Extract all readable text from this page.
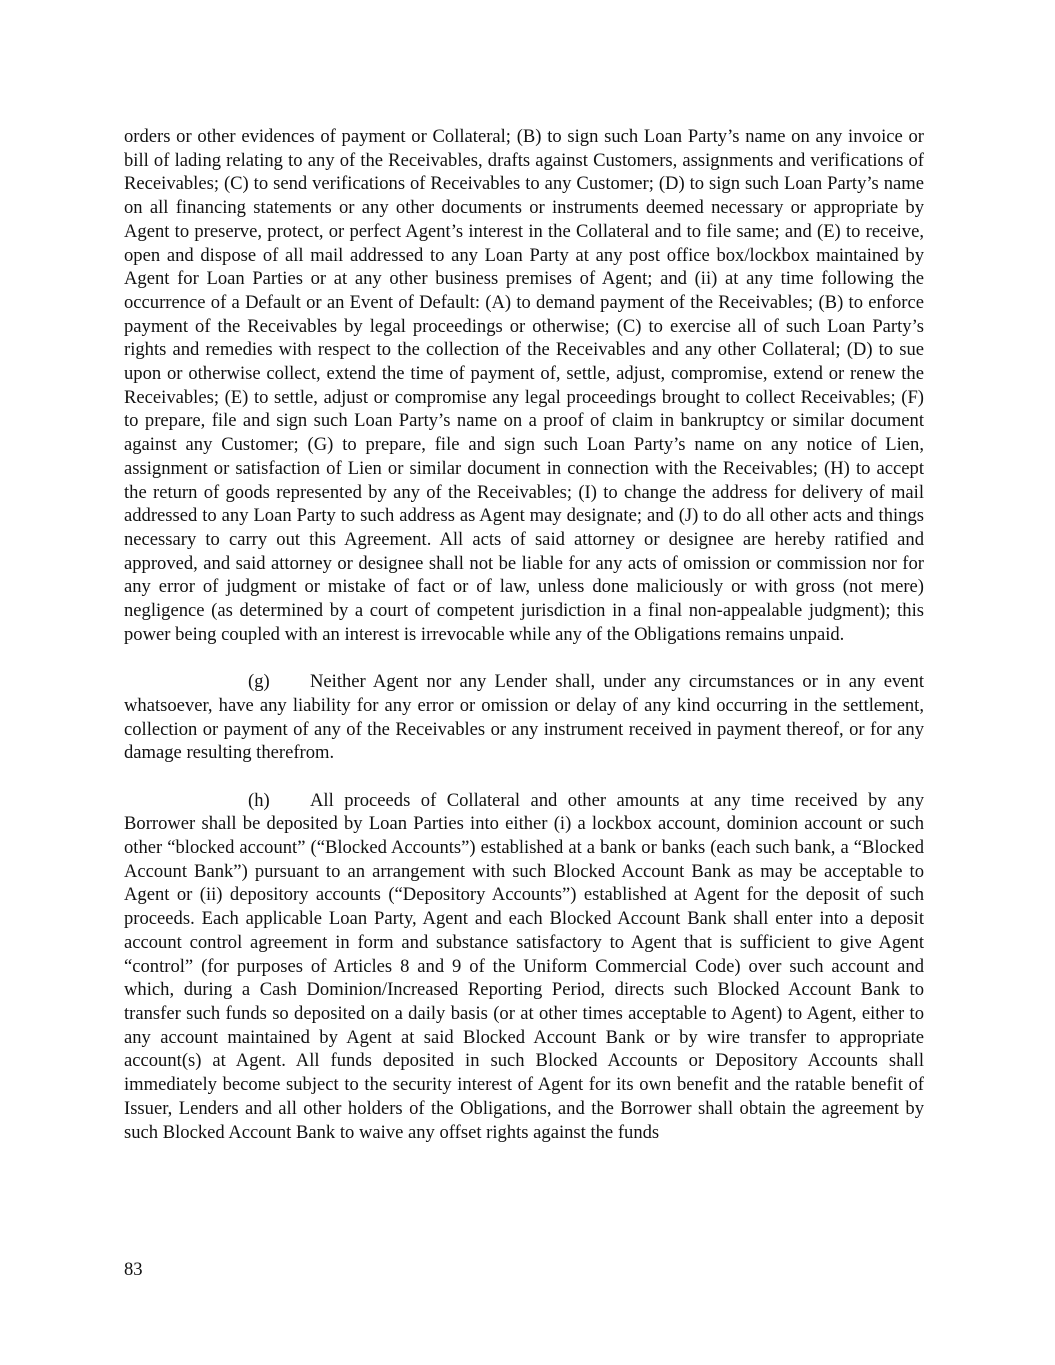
orders or other evidences of payment or Collateral; (B) to sign such Loan Party’s name on any invoice or bill of lading relating to any of the Receivables, drafts against Customers, assignments and verifications of Receivables; (C) to send verifications of Receivables to any Customer; (D) to sign such Loan Party’s name on all financing statements or any other documents or instruments deemed necessary or appropriate by Agent to preserve, protect, or perfect Agent’s interest in the Collateral and to file same; and (E) to receive, open and dispose of all mail addressed to any Loan Party at any post office box/lockbox maintained by Agent for Loan Parties or at any other business premises of Agent; and (ii) at any time following the occurrence of a Default or an Event of Default: (A) to demand payment of the Receivables; (B) to enforce payment of the Receivables by legal proceedings or otherwise; (C) to exercise all of such Loan Party’s rights and remedies with respect to the collection of the Receivables and any other Collateral; (D) to sue upon or otherwise collect, extend the time of payment of, settle, adjust, compromise, extend or renew the Receivables; (E) to settle, adjust or compromise any legal proceedings brought to collect Receivables; (F) to prepare, file and sign such Loan Party’s name on a proof of claim in bankruptcy or similar document against any Customer; (G) to prepare, file and sign such Loan Party’s name on any notice of Lien, assignment or satisfaction of Lien or similar document in connection with the Receivables; (H) to accept the return of goods represented by any of the Receivables; (I) to change the address for delivery of mail addressed to any Loan Party to such address as Agent may designate; and (J) to do all other acts and things necessary to carry out this Agreement. All acts of said attorney or designee are hereby ratified and approved, and said attorney or designee shall not be liable for any acts of omission or commission nor for any error of judgment or mistake of fact or of law, unless done maliciously or with gross (not mere) negligence (as determined by a court of competent jurisdiction in a final non-appealable judgment); this power being coupled with an interest is irrevocable while any of the Obligations remains unpaid.

(g) Neither Agent nor any Lender shall, under any circumstances or in any event whatsoever, have any liability for any error or omission or delay of any kind occurring in the settlement, collection or payment of any of the Receivables or any instrument received in payment thereof, or for any damage resulting therefrom.

(h) All proceeds of Collateral and other amounts at any time received by any Borrower shall be deposited by Loan Parties into either (i) a lockbox account, dominion account or such other “blocked account” (“Blocked Accounts”) established at a bank or banks (each such bank, a “Blocked Account Bank”) pursuant to an arrangement with such Blocked Account Bank as may be acceptable to Agent or (ii) depository accounts (“Depository Accounts”) established at Agent for the deposit of such proceeds. Each applicable Loan Party, Agent and each Blocked Account Bank shall enter into a deposit account control agreement in form and substance satisfactory to Agent that is sufficient to give Agent “control” (for purposes of Articles 8 and 9 of the Uniform Commercial Code) over such account and which, during a Cash Dominion/Increased Reporting Period, directs such Blocked Account Bank to transfer such funds so deposited on a daily basis (or at other times acceptable to Agent) to Agent, either to any account maintained by Agent at said Blocked Account Bank or by wire transfer to appropriate account(s) at Agent. All funds deposited in such Blocked Accounts or Depository Accounts shall immediately become subject to the security interest of Agent for its own benefit and the ratable benefit of Issuer, Lenders and all other holders of the Obligations, and the Borrower shall obtain the agreement by such Blocked Account Bank to waive any offset rights against the funds

83
